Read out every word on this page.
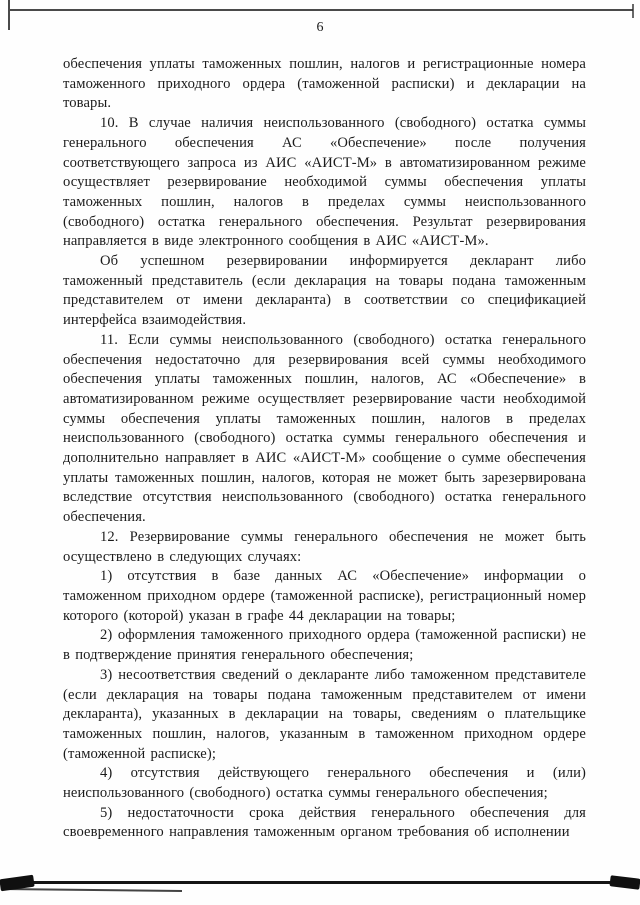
6

обеспечения уплаты таможенных пошлин, налогов и регистрационные номера таможенного приходного ордера (таможенной расписки) и декларации на товары.

10. В случае наличия неиспользованного (свободного) остатка суммы генерального обеспечения АС «Обеспечение» после получения соответствующего запроса из АИС «АИСТ-М» в автоматизированном режиме осуществляет резервирование необходимой суммы обеспечения уплаты таможенных пошлин, налогов в пределах суммы неиспользованного (свободного) остатка генерального обеспечения. Результат резервирования направляется в виде электронного сообщения в АИС «АИСТ-М».

Об успешном резервировании информируется декларант либо таможенный представитель (если декларация на товары подана таможенным представителем от имени декларанта) в соответствии со спецификацией интерфейса взаимодействия.

11. Если суммы неиспользованного (свободного) остатка генерального обеспечения недостаточно для резервирования всей суммы необходимого обеспечения уплаты таможенных пошлин, налогов, АС «Обеспечение» в автоматизированном режиме осуществляет резервирование части необходимой суммы обеспечения уплаты таможенных пошлин, налогов в пределах неиспользованного (свободного) остатка суммы генерального обеспечения и дополнительно направляет в АИС «АИСТ-М» сообщение о сумме обеспечения уплаты таможенных пошлин, налогов, которая не может быть зарезервирована вследствие отсутствия неиспользованного (свободного) остатка генерального обеспечения.

12. Резервирование суммы генерального обеспечения не может быть осуществлено в следующих случаях:

1) отсутствия в базе данных АС «Обеспечение» информации о таможенном приходном ордере (таможенной расписке), регистрационный номер которого (которой) указан в графе 44 декларации на товары;

2) оформления таможенного приходного ордера (таможенной расписки) не в подтверждение принятия генерального обеспечения;

3) несоответствия сведений о декларанте либо таможенном представителе (если декларация на товары подана таможенным представителем от имени декларанта), указанных в декларации на товары, сведениям о плательщике таможенных пошлин, налогов, указанным в таможенном приходном ордере (таможенной расписке);

4) отсутствия действующего генерального обеспечения и (или) неиспользованного (свободного) остатка суммы генерального обеспечения;

5) недостаточности срока действия генерального обеспечения для своевременного направления таможенным органом требования об исполнении
